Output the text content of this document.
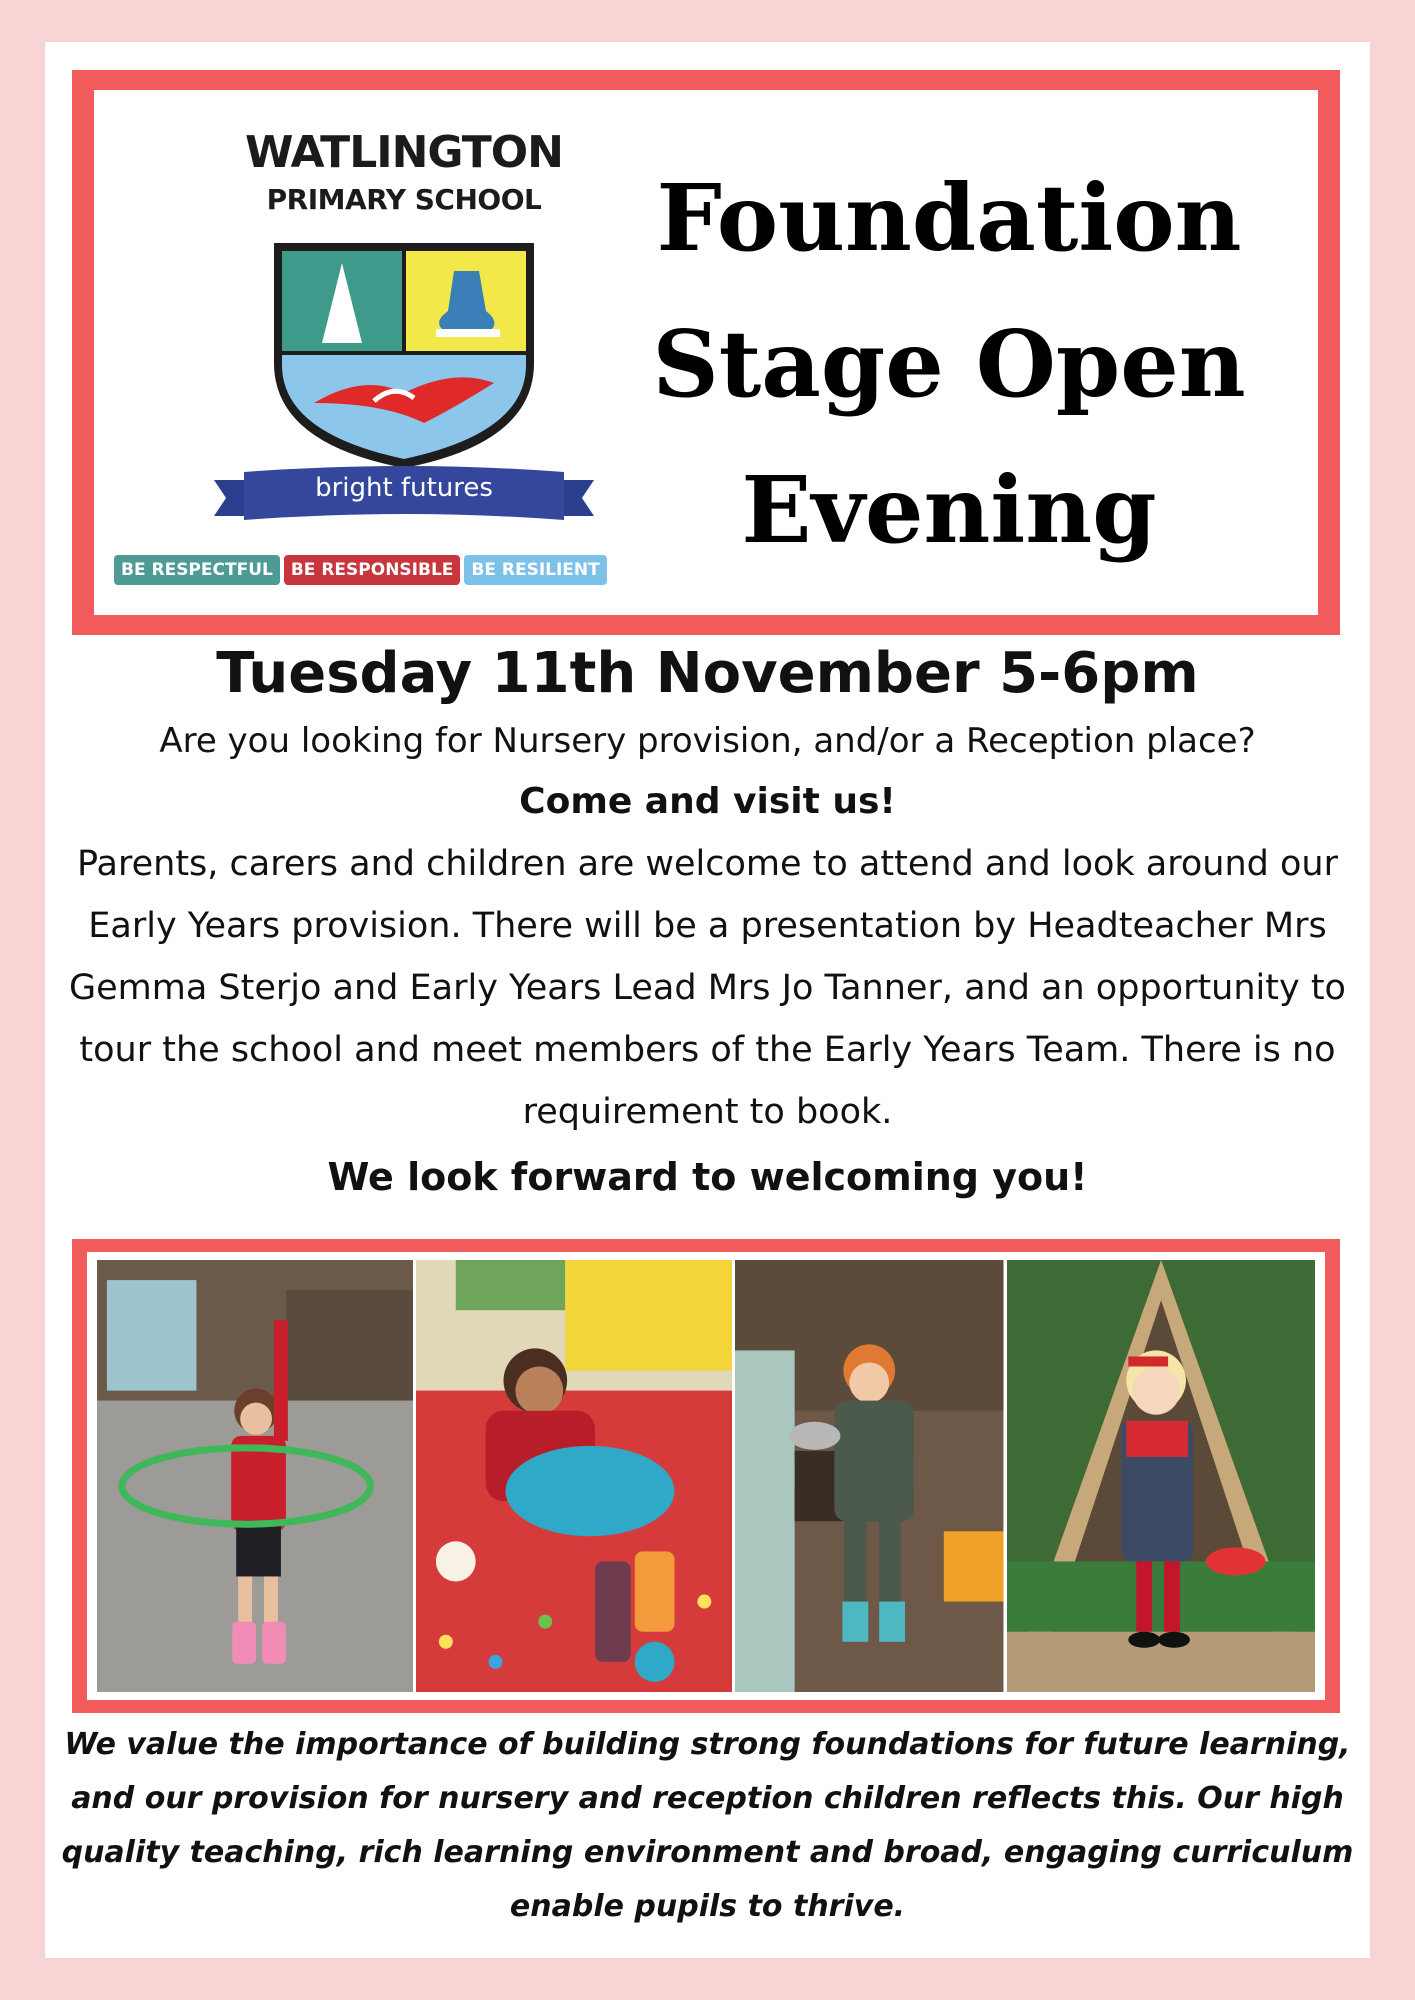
WATLINGTON
PRIMARY SCHOOL
bright futures
BE RESPECTFUL	BE RESPONSIBLE	BE RESILIENT
Foundation Stage Open Evening
Tuesday 11th November 5-6pm
Are you looking for Nursery provision, and/or a Reception place?
Come and visit us!
Parents, carers and children are welcome to attend and look around our Early Years provision. There will be a presentation by Headteacher Mrs Gemma Sterjo and Early Years Lead Mrs Jo Tanner, and an opportunity to tour the school and meet members of the Early Years Team. There is no requirement to book.
We look forward to welcoming you!
We value the importance of building strong foundations for future learning, and our provision for nursery and reception children reflects this. Our high quality teaching, rich learning environment and broad, engaging curriculum enable pupils to thrive.
